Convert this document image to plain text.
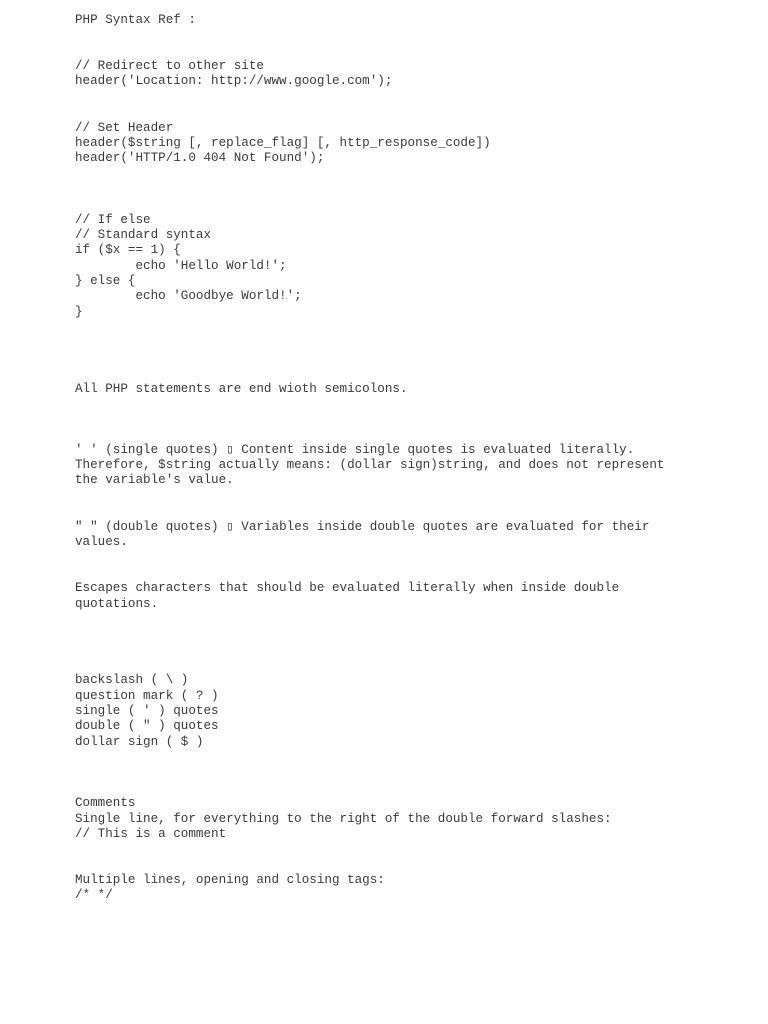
PHP Syntax Ref :

// Redirect to other site

header('Location: http://www.google.com');

// Set Header

header($string [, replace_flag] [, http_response_code])

header('HTTP/1.0 404 Not Found');

// If else

// Standard syntax

if ($x == 1) {

echo 'Hello World!';

} else {

echo 'Goodbye World!';

}

All PHP statements are end wioth semicolons.

' ' (single quotes) ▯ Content inside single quotes is evaluated literally.

Therefore, $string actually means: (dollar sign)string, and does not represent

the variable's value.

" " (double quotes) ▯ Variables inside double quotes are evaluated for their

values.

Escapes characters that should be evaluated literally when inside double

quotations.

backslash ( \ )

question mark ( ? )

single ( ' ) quotes

double ( " ) quotes

dollar sign ( $ )

Comments

Single line, for everything to the right of the double forward slashes:

// This is a comment

Multiple lines, opening and closing tags:

/* */
